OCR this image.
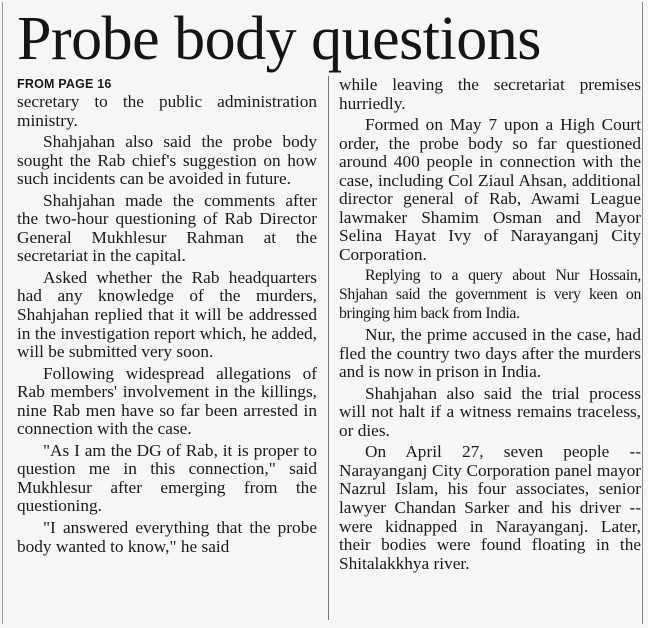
Probe body questions
FROM PAGE 16

secretary to the public administration ministry.

Shahjahan also said the probe body sought the Rab chief's suggestion on how such incidents can be avoided in future.

Shahjahan made the comments after the two-hour questioning of Rab Director General Mukhlesur Rahman at the secretariat in the capital.

Asked whether the Rab headquarters had any knowledge of the murders, Shahjahan replied that it will be addressed in the investigation report which, he added, will be submitted very soon.

Following widespread allegations of Rab members' involvement in the killings, nine Rab men have so far been arrested in connection with the case.

"As I am the DG of Rab, it is proper to question me in this connection," said Mukhlesur after emerging from the questioning.

"I answered everything that the probe body wanted to know," he said

while leaving the secretariat premises hurriedly.

Formed on May 7 upon a High Court order, the probe body so far questioned around 400 people in connection with the case, including Col Ziaul Ahsan, additional director general of Rab, Awami League lawmaker Shamim Osman and Mayor Selina Hayat Ivy of Narayanganj City Corporation.

Replying to a query about Nur Hossain, Shjahan said the government is very keen on bringing him back from India.

Nur, the prime accused in the case, had fled the country two days after the murders and is now in prison in India.

Shahjahan also said the trial process will not halt if a witness remains traceless, or dies.

On April 27, seven people -- Narayanganj City Corporation panel mayor Nazrul Islam, his four associates, senior lawyer Chandan Sarker and his driver -- were kidnapped in Narayanganj. Later, their bodies were found floating in the Shitalakkhya river.
